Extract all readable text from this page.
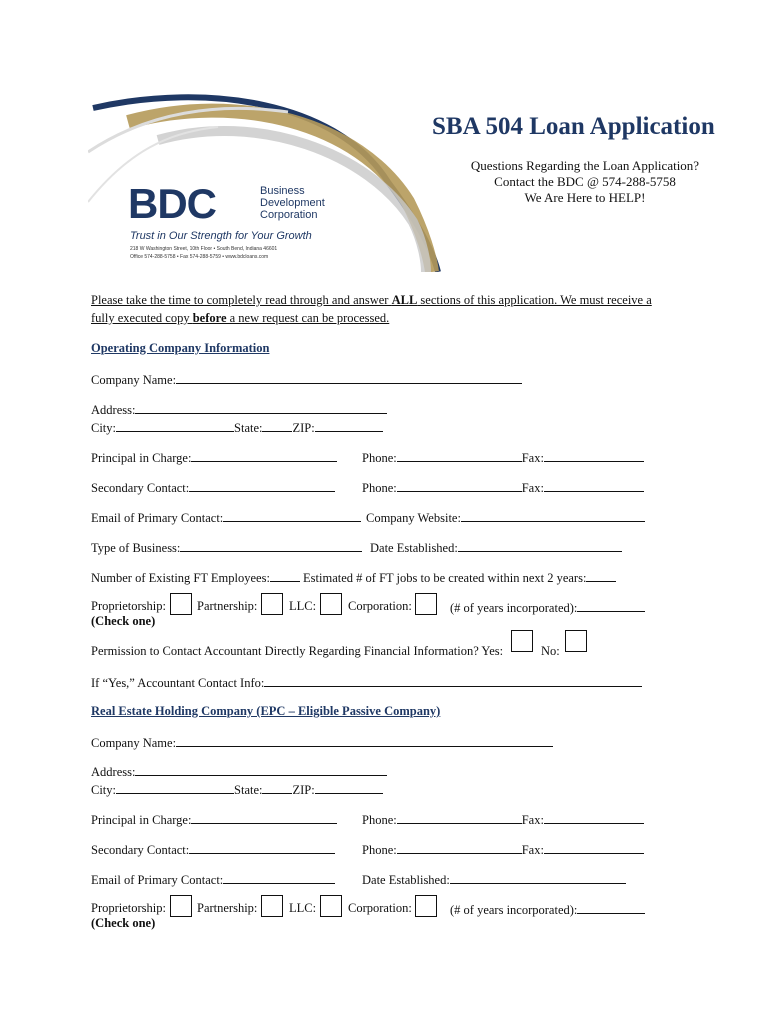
BDC	Business
Development
Corporation
Trust in Our Strength for Your Growth
218 W Washington Street, 10th Floor • South Bend, Indiana 46601
Office 574-288-5758 • Fax 574-288-5759 • www.bdcloans.com
SBA 504 Loan Application
Questions Regarding the Loan Application?
Contact the BDC @ 574-288-5758
We Are Here to HELP!
Please take the time to completely read through and answer ALL sections of this application. We must receive a
fully executed copy before a new request can be processed.
Operating Company Information
Company Name:
Address:
City:	State: ZIP:
Principal in Charge:	Phone:	Fax:
Secondary Contact:	Phone:	Fax:
Email of Primary Contact:	Company Website:
Type of Business:	Date Established:
Number of Existing FT Employees:	Estimated # of FT jobs to be created within next 2 years:
Proprietorship: Partnership:	LLC:	Corporation:	(# of years incorporated):
(Check one)
Permission to Contact Accountant Directly Regarding Financial Information? Yes:	No:
If “Yes,” Accountant Contact Info:
Real Estate Holding Company (EPC – Eligible Passive Company)
Company Name:
Address:
City:	State: ZIP:
Principal in Charge:	Phone:	Fax:
Secondary Contact:	Phone:	Fax:
Email of Primary Contact:	Date Established:
Proprietorship: Partnership:	LLC:	Corporation:	(# of years incorporated):
(Check one)
